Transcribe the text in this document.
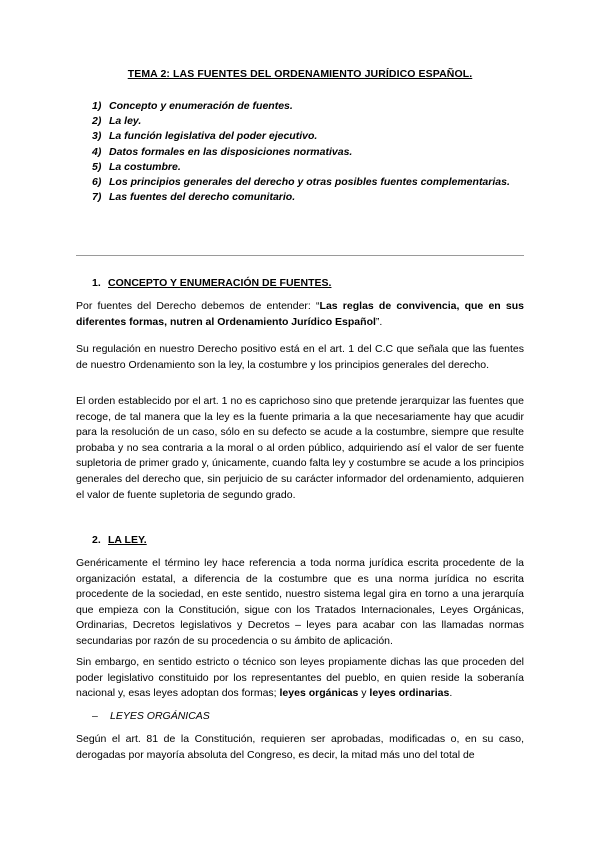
TEMA 2: LAS FUENTES DEL ORDENAMIENTO JURÍDICO ESPAÑOL.
1) Concepto y enumeración de fuentes.
2) La ley.
3) La función legislativa del poder ejecutivo.
4) Datos formales en las disposiciones normativas.
5) La costumbre.
6) Los principios generales del derecho y otras posibles fuentes complementarias.
7) Las fuentes del derecho comunitario.
1. CONCEPTO Y ENUMERACIÓN DE FUENTES.

Por fuentes del Derecho debemos de entender: “Las reglas de convivencia, que en sus diferentes formas, nutren al Ordenamiento Jurídico Español”.

Su regulación en nuestro Derecho positivo está en el art. 1 del C.C que señala que las fuentes de nuestro Ordenamiento son la ley, la costumbre y los principios generales del derecho.

El orden establecido por el art. 1 no es caprichoso sino que pretende jerarquizar las fuentes que recoge, de tal manera que la ley es la fuente primaria a la que necesariamente hay que acudir para la resolución de un caso, sólo en su defecto se acude a la costumbre, siempre que resulte probaba y no sea contraria a la moral o al orden público, adquiriendo así el valor de ser fuente supletoria de primer grado y, únicamente, cuando falta ley y costumbre se acude a los principios generales del derecho que, sin perjuicio de su carácter informador del ordenamiento, adquieren el valor de fuente supletoria de segundo grado.

2. LA LEY.

Genéricamente el término ley hace referencia a toda norma jurídica escrita procedente de la organización estatal, a diferencia de la costumbre que es una norma jurídica no escrita procedente de la sociedad, en este sentido, nuestro sistema legal gira en torno a una jerarquía que empieza con la Constitución, sigue con los Tratados Internacionales, Leyes Orgánicas, Ordinarias, Decretos legislativos y Decretos – leyes para acabar con las llamadas normas secundarias por razón de su procedencia o su ámbito de aplicación.

Sin embargo, en sentido estricto o técnico son leyes propiamente dichas las que proceden del poder legislativo constituido por los representantes del pueblo, en quien reside la soberanía nacional y, esas leyes adoptan dos formas; leyes orgánicas y leyes ordinarias.

– LEYES ORGÁNICAS

Según el art. 81 de la Constitución, requieren ser aprobadas, modificadas o, en su caso, derogadas por mayoría absoluta del Congreso, es decir, la mitad más uno del total de
